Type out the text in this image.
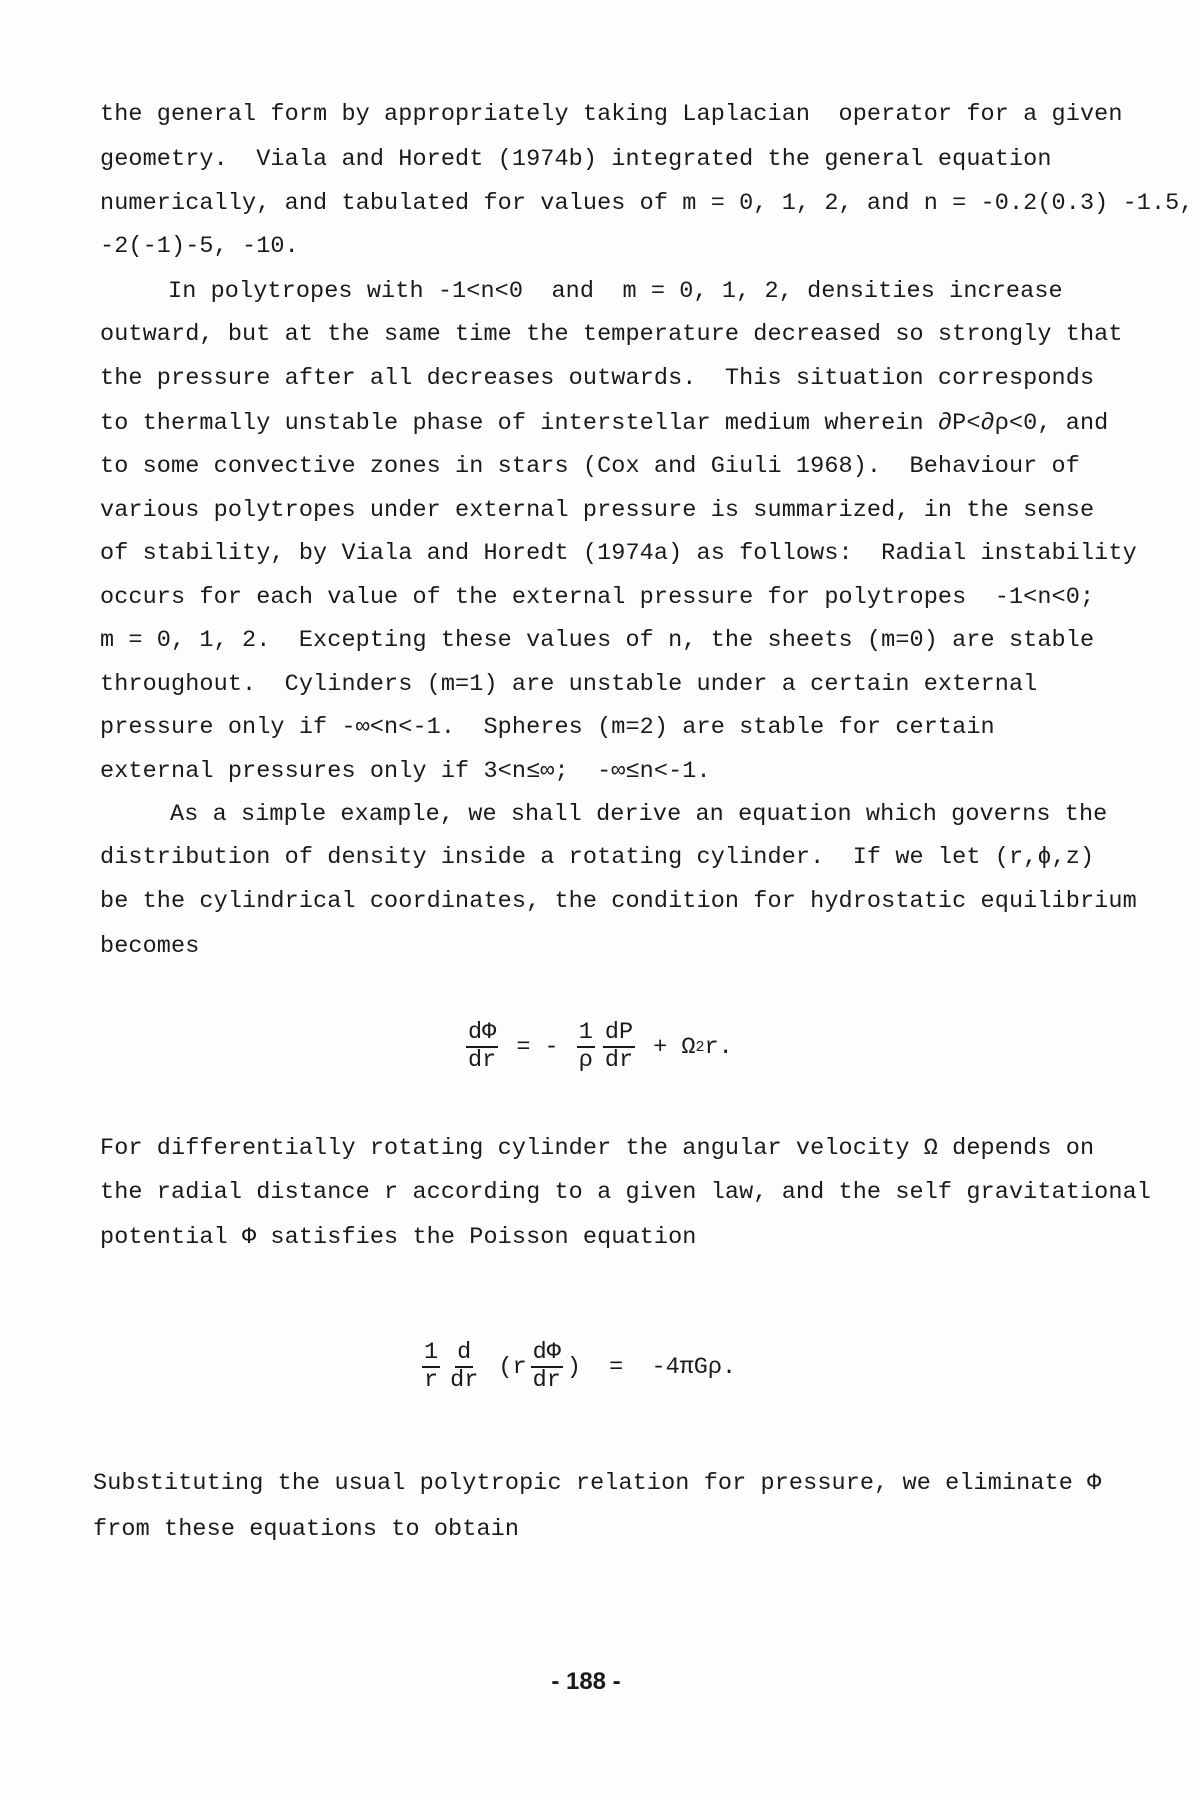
the general form by appropriately taking Laplacian  operator for a given
geometry.  Viala and Horedt (1974b) integrated the general equation
numerically, and tabulated for values of m = 0, 1, 2, and n = -0.2(0.3) -1.5,
-2(-1)-5, -10.
In polytropes with -1<n<0  and  m = 0, 1, 2, densities increase
outward, but at the same time the temperature decreased so strongly that
the pressure after all decreases outwards.  This situation corresponds
to thermally unstable phase of interstellar medium wherein ∂P<∂ρ<0, and
to some convective zones in stars (Cox and Giuli 1968).  Behaviour of
various polytropes under external pressure is summarized, in the sense
of stability, by Viala and Horedt (1974a) as follows:  Radial instability
occurs for each value of the external pressure for polytropes  -1<n<0;
m = 0, 1, 2.  Excepting these values of n, the sheets (m=0) are stable
throughout.  Cylinders (m=1) are unstable under a certain external
pressure only if -∞<n<-1.  Spheres (m=2) are stable for certain
external pressures only if 3<n≤∞;  -∞≤n<-1.
As a simple example, we shall derive an equation which governs the
distribution of density inside a rotating cylinder.  If we let (r,ϕ,z)
be the cylindrical coordinates, the condition for hydrostatic equilibrium
becomes
For differentially rotating cylinder the angular velocity Ω depends on
the radial distance r according to a given law, and the self gravitational
potential Φ satisfies the Poisson equation
Substituting the usual polytropic relation for pressure, we eliminate Φ
from these equations to obtain
$\frac{d\Phi}{dr}$ = - $\frac{1}{\rho} \frac{dP}{dr} + \Omega$ 2 r.
$\frac{1}{r} \frac{d}{dr} (r \frac{d\Phi}{dr}$ ) =  -4πGρ.
- 188 -
